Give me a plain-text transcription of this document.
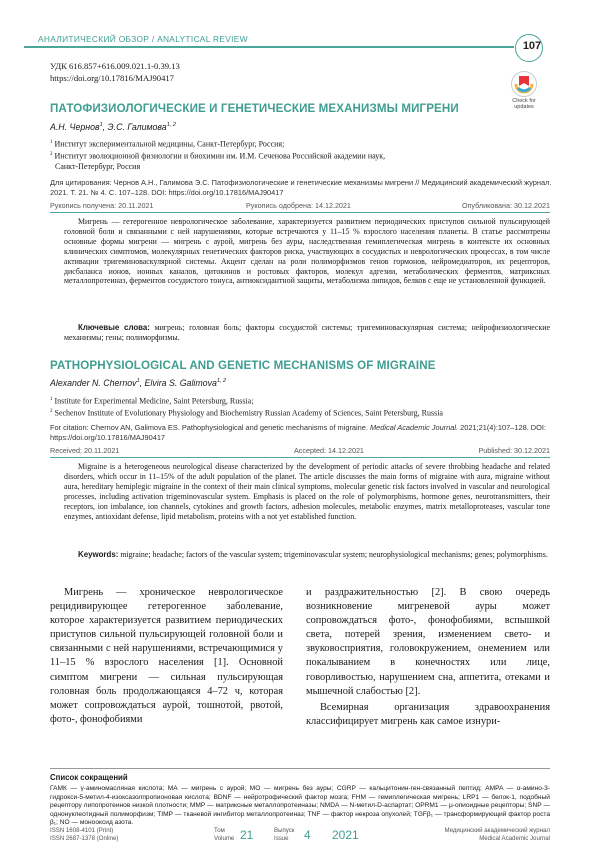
АНАЛИТИЧЕСКИЙ ОБЗОР / ANALYTICAL REVIEW
107
Check for
updates
УДК 616.857+616.009.021.1-0.39.13
https://doi.org/10.17816/MAJ90417
ПАТОФИЗИОЛОГИЧЕСКИЕ И ГЕНЕТИЧЕСКИЕ МЕХАНИЗМЫ МИГРЕНИ
А.Н. Чернов$^1$, Э.С. Галимова$^{1, 2}$
$^1$ Институт экспериментальной медицины, Санкт-Петербург, Россия;
$^2$ Институт эволюционной физиологии и биохимии им. И.М. Сеченова Российской академии наук,
Санкт-Петербург, Россия
Для цитирования: Чернов А.Н., Галимова Э.С. Патофизиологические и генетические механизмы мигрени // Медицинский академический журнал. 2021. Т. 21. № 4. С. 107–128. DOI: https://doi.org/10.17816/MAJ90417
Рукопись получена: 20.11.2021	Рукопись одобрена: 14.12.2021	Опубликована: 30.12.2021
Мигрень — гетерогенное неврологическое заболевание, характеризуется развитием периодических приступов сильной пульсирующей головной боли и связанными с ней нарушениями, которые встречаются у 11–15 % взрослого населения планеты. В статье рассмотрены основные формы мигрени — мигрень с аурой, мигрень без ауры, наследственная гемиплегическая мигрень в контексте их основных клинических симптомов, молекулярных генетических факторов риска, участвующих в сосудистых и неврологических процессах, в том числе активации тригеминоваскулярной системы. Акцент сделан на роли полиморфизмов генов гормонов, нейромедиаторов, их рецепторов, дисбаланса ионов, ионных каналов, цитокинов и ростовых факторов, молекул адгезии, метаболических ферментов, матриксных металлопротеиназ, ферментов сосудистого тонуса, антиоксидантной защиты, метаболизма липидов, белков с еще не установленной функцией.
Ключевые слова: мигрень; головная боль; факторы сосудистой системы; тригеминоваскулярная система; нейрофизиологические механизмы; гены; полиморфизмы.
PATHOPHYSIOLOGICAL AND GENETIC MECHANISMS OF MIGRAINE
Alexander N. Chernov$^1$, Elvira S. Galimova$^{1, 2}$
$^1$ Institute for Experimental Medicine, Saint Petersburg, Russia;
$^2$ Sechenov Institute of Evolutionary Physiology and Biochemistry Russian Academy of Sciences, Saint Petersburg, Russia
For citation: Chernov AN, Galimova ES. Pathophysiological and genetic mechanisms of migraine. Medical Academic Journal. 2021;21(4):107–128. DOI: https://doi.org/10.17816/MAJ90417
Received: 20.11.2021	Accepted: 14.12.2021	Published: 30.12.2021
Migraine is a heterogeneous neurological disease characterized by the development of periodic attacks of severe throbbing headache and related disorders, which occur in 11–15% of the adult population of the planet. The article discusses the main forms of migraine with aura, migraine without aura, hereditary hemiplegic migraine in the context of their main clinical symptoms, molecular genetic risk factors involved in vascular and neurological processes, including activation trigeminovascular system. Emphasis is placed on the role of polymorphisms, hormone genes, neurotransmitters, their receptors, ion imbalance, ion channels, cytokines and growth factors, adhesion molecules, metabolic enzymes, matrix metalloproteases, vascular tone enzymes, antioxidant defense, lipid metabolism, proteins with a not yet established function.
Keywords: migraine; headache; factors of the vascular system; trigeminovascular system; neurophysiological mechanisms; genes; polymorphisms.
Мигрень — хроническое неврологическое рецидивирующее гетерогенное заболевание, которое характеризуется развитием периодических приступов сильной пульсирующей головной боли и связанными с ней нарушениями, встречающимися у 11–15 % взрослого населения [1]. Основной симптом мигрени — сильная пульсирующая головная боль продолжающаяся 4–72 ч, которая может сопровождаться аурой, тошнотой, рвотой, фото-, фонофобиями
и раздражительностью [2]. В свою очередь возникновение мигреневой ауры может сопровождаться фото-, фонофобиями, вспышкой света, потерей зрения, изменением свето- и звуковосприятия, головокружением, онемением или покалыванием в конечностях или лице, говорливостью, нарушением сна, аппетита, отеками и мышечной слабостью [2].
Всемирная организация здравоохранения классифицирует мигрень как самое изнури-
Список сокращений
ГАМК — γ-аминомасляная кислота; МА — мигрень с аурой; МО — мигрень без ауры; CGRP — кальцитонин-ген-связанный пептид; AMPA — α-амино-3-гидрокси-5-метил-4-изоксазолпропионовая кислота; BDNF — нейротрофический фактор мозга; FHM — гемиплегическая мигрень; LRP1 — белок-1, подобный рецептору липопротеинов низкой плотности; MMP — матриксные металлопротеиназы; NMDA — N-метил-D-аспартат; OPRM1 — μ-опиоидные рецепторы; SNP — однонуклеотидный полиморфизм; TIMP — тканевой ингибитор металлопротеиназ; TNF — фактор некроза опухолей; TGFβ₁ — трансформирующий фактор роста β₁; NO — монооксид азота.
ISSN 1608-4101 (Print)
ISSN 2687-1378 (Online)
Том
Volume 21	Выпуск
Issue	4 2021	Медицинский академический журнал
Medical Academic Journal
